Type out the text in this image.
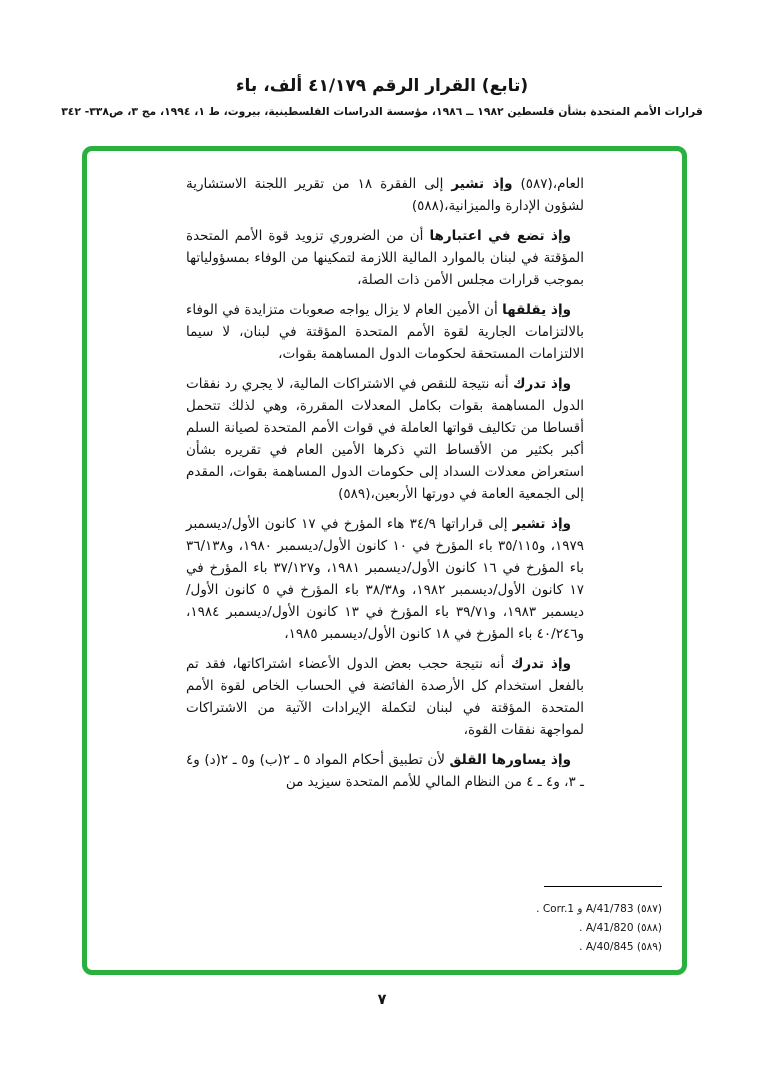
(تابع) القرار الرقم ٤١/١٧٩ ألف، باء
قرارات الأمم المتحدة بشأن فلسطين ١٩٨٢ ــ ١٩٨٦، مؤسسة الدراسات الفلسطينية، بيروت، ط ١، ١٩٩٤، مج ٣، ص٣٣٨- ٣٤٢

العام،(٥٨٧) وإذ تشير إلى الفقرة ١٨ من تقرير اللجنة الاستشارية لشؤون الإدارة والميزانية،(٥٨٨)

وإذ تضع في اعتبارها أن من الضروري تزويد قوة الأمم المتحدة المؤقتة في لبنان بالموارد المالية اللازمة لتمكينها من الوفاء بمسؤولياتها بموجب قرارات مجلس الأمن ذات الصلة،

وإذ يقلقها أن الأمين العام لا يزال يواجه صعوبات متزايدة في الوفاء بالالتزامات الجارية لقوة الأمم المتحدة المؤقتة في لبنان، لا سيما الالتزامات المستحقة لحكومات الدول المساهمة بقوات،

وإذ تدرك أنه نتيجة للنقص في الاشتراكات المالية، لا يجري رد نفقات الدول المساهمة بقوات بكامل المعدلات المقررة، وهي لذلك تتحمل أقساطا من تكاليف قواتها العاملة في قوات الأمم المتحدة لصيانة السلم أكبر بكثير من الأقساط التي ذكرها الأمين العام في تقريره بشأن استعراض معدلات السداد إلى حكومات الدول المساهمة بقوات، المقدم إلى الجمعية العامة في دورتها الأربعين،(٥٨٩)

وإذ تشير إلى قراراتها ٣٤/٩ هاء المؤرخ في ١٧ كانون الأول/ديسمبر ١٩٧٩، و٣٥/١١٥ باء المؤرخ في ١٠ كانون الأول/ديسمبر ١٩٨٠، و٣٦/١٣٨ باء المؤرخ في ١٦ كانون الأول/ديسمبر ١٩٨١، و٣٧/١٢٧ باء المؤرخ في ١٧ كانون الأول/ديسمبر ١٩٨٢، و٣٨/٣٨ باء المؤرخ في ٥ كانون الأول/ديسمبر ١٩٨٣، و٣٩/٧١ باء المؤرخ في ١٣ كانون الأول/ديسمبر ١٩٨٤، و٤٠/٢٤٦ باء المؤرخ في ١٨ كانون الأول/ديسمبر ١٩٨٥،

وإذ تدرك أنه نتيجة حجب بعض الدول الأعضاء اشتراكاتها، فقد تم بالفعل استخدام كل الأرصدة الفائضة في الحساب الخاص لقوة الأمم المتحدة المؤقتة في لبنان لتكملة الإيرادات الآتية من الاشتراكات لمواجهة نفقات القوة،

وإذ يساورها القلق لأن تطبيق أحكام المواد ٥ ـ ٢(ب) و٥ ـ ٢(د) و٤ ـ ٣، و٤ ـ ٤ من النظام المالي للأمم المتحدة سيزيد من

(٥٨٧) A/41/783 و Corr.1 .
(٥٨٨) A/41/820 .
(٥٨٩) A/40/845 .
٧
